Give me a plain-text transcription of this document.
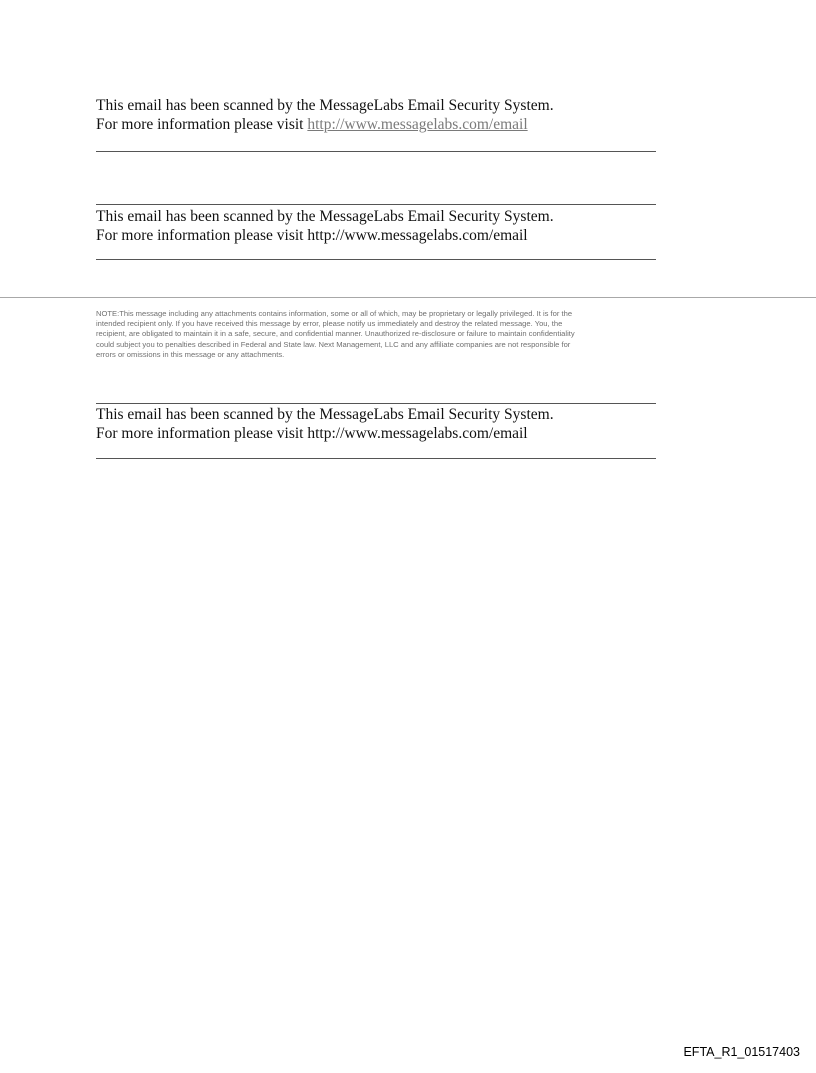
This email has been scanned by the MessageLabs Email Security System.
For more information please visit http://www.messagelabs.com/email
This email has been scanned by the MessageLabs Email Security System.
For more information please visit http://www.messagelabs.com/email
NOTE:This message including any attachments contains information, some or all of which, may be proprietary or legally privileged. It is for the
intended recipient only. If you have received this message by error, please notify us immediately and destroy the related message. You, the
recipient, are obligated to maintain it in a safe, secure, and confidential manner. Unauthorized re-disclosure or failure to maintain confidentiality
could subject you to penalties described in Federal and State law. Next Management, LLC and any affiliate companies are not responsible for
errors or omissions in this message or any attachments.
This email has been scanned by the MessageLabs Email Security System.
For more information please visit http://www.messagelabs.com/email
EFTA_R1_01517403
